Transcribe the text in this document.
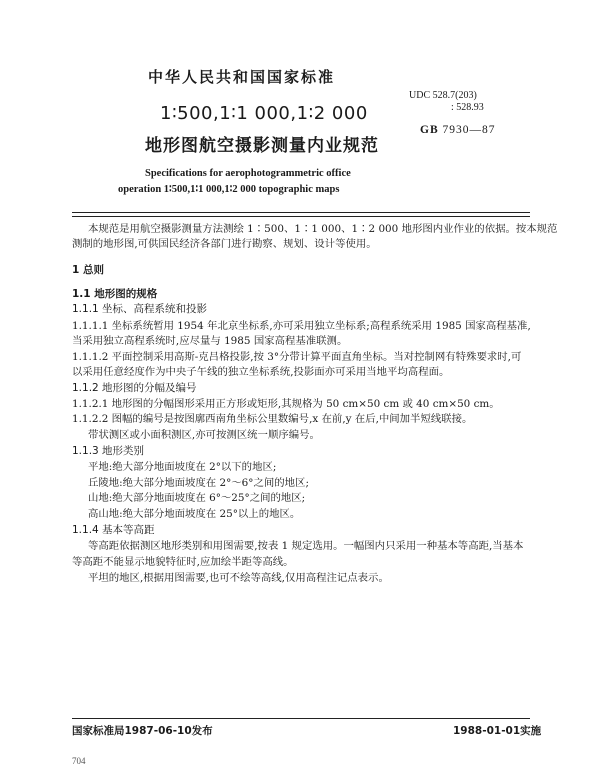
中华人民共和国国家标准
1∶500,1∶1 000,1∶2 000
地形图航空摄影测量内业规范
Specifications for aerophotogrammetric office
operation 1∶500,1∶1 000,1∶2 000 topographic maps
UDC 528.7(203)
: 528.93
GB 7930—87
本规范是用航空摄影测量方法测绘 1∶500、1∶1 000、1∶2 000 地形图内业作业的依据。按本规范
测制的地形图,可供国民经济各部门进行勘察、规划、设计等使用。
1 总则
1.1 地形图的规格
1.1.1 坐标、高程系统和投影
1.1.1.1 坐标系统暂用 1954 年北京坐标系,亦可采用独立坐标系;高程系统采用 1985 国家高程基准,
当采用独立高程系统时,应尽量与 1985 国家高程基准联测。
1.1.1.2 平面控制采用高斯-克吕格投影,按 3°分带计算平面直角坐标。当对控制网有特殊要求时,可
以采用任意经度作为中央子午线的独立坐标系统,投影面亦可采用当地平均高程面。
1.1.2 地形图的分幅及编号
1.1.2.1 地形图的分幅图形采用正方形或矩形,其规格为 50 cm×50 cm 或 40 cm×50 cm。
1.1.2.2 图幅的编号是按图廓西南角坐标公里数编号,x 在前,y 在后,中间加半短线联接。
带状测区或小面积测区,亦可按测区统一顺序编号。
1.1.3 地形类别
平地:绝大部分地面坡度在 2°以下的地区;
丘陵地:绝大部分地面坡度在 2°～6°之间的地区;
山地:绝大部分地面坡度在 6°～25°之间的地区;
高山地:绝大部分地面坡度在 25°以上的地区。
1.1.4 基本等高距
等高距依据测区地形类别和用图需要,按表 1 规定选用。一幅图内只采用一种基本等高距,当基本
等高距不能显示地貌特征时,应加绘半距等高线。
平坦的地区,根据用图需要,也可不绘等高线,仅用高程注记点表示。
国家标准局1987-06-10发布	1988-01-01实施
704
